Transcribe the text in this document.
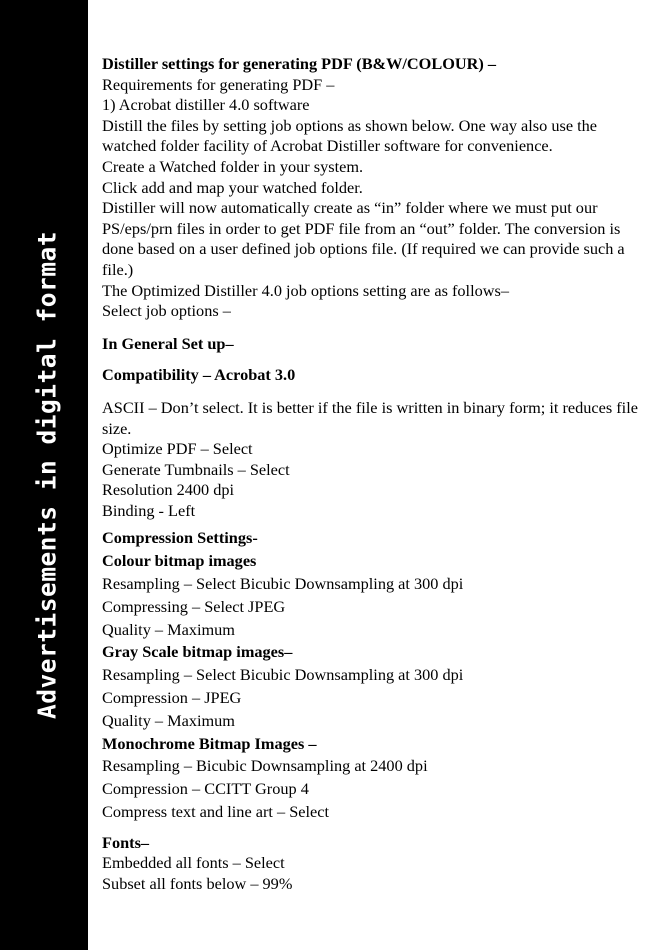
Advertisements in digital format

Distiller settings for generating PDF (B&W/COLOUR) –

Requirements for generating PDF –

1) Acrobat distiller 4.0 software

Distill the files by setting job options as shown below. One way also use the watched folder facility of Acrobat Distiller software for convenience.

Create a Watched folder in your system.

Click add and map your watched folder.

Distiller will now automatically create as “in” folder where we must put our PS/eps/prn files in order to get PDF file from an “out” folder. The conversion is done based on a user defined job options file. (If required we can provide such a file.)

The Optimized Distiller 4.0 job options setting are as follows–

Select job options –

In General Set up–

Compatibility – Acrobat 3.0

ASCII – Don’t select. It is better if the file is written in binary form; it reduces file size.

Optimize PDF – Select

Generate Tumbnails – Select

Resolution 2400 dpi

Binding - Left

Compression Settings-

Colour bitmap images

Resampling – Select Bicubic Downsampling at 300 dpi

Compressing – Select JPEG

Quality – Maximum

Gray Scale bitmap images–

Resampling – Select Bicubic Downsampling at 300 dpi

Compression – JPEG

Quality – Maximum

Monochrome Bitmap Images –

Resampling – Bicubic Downsampling at 2400 dpi

Compression – CCITT Group 4

Compress text and line art – Select

Fonts–

Embedded all fonts – Select

Subset all fonts below – 99%
